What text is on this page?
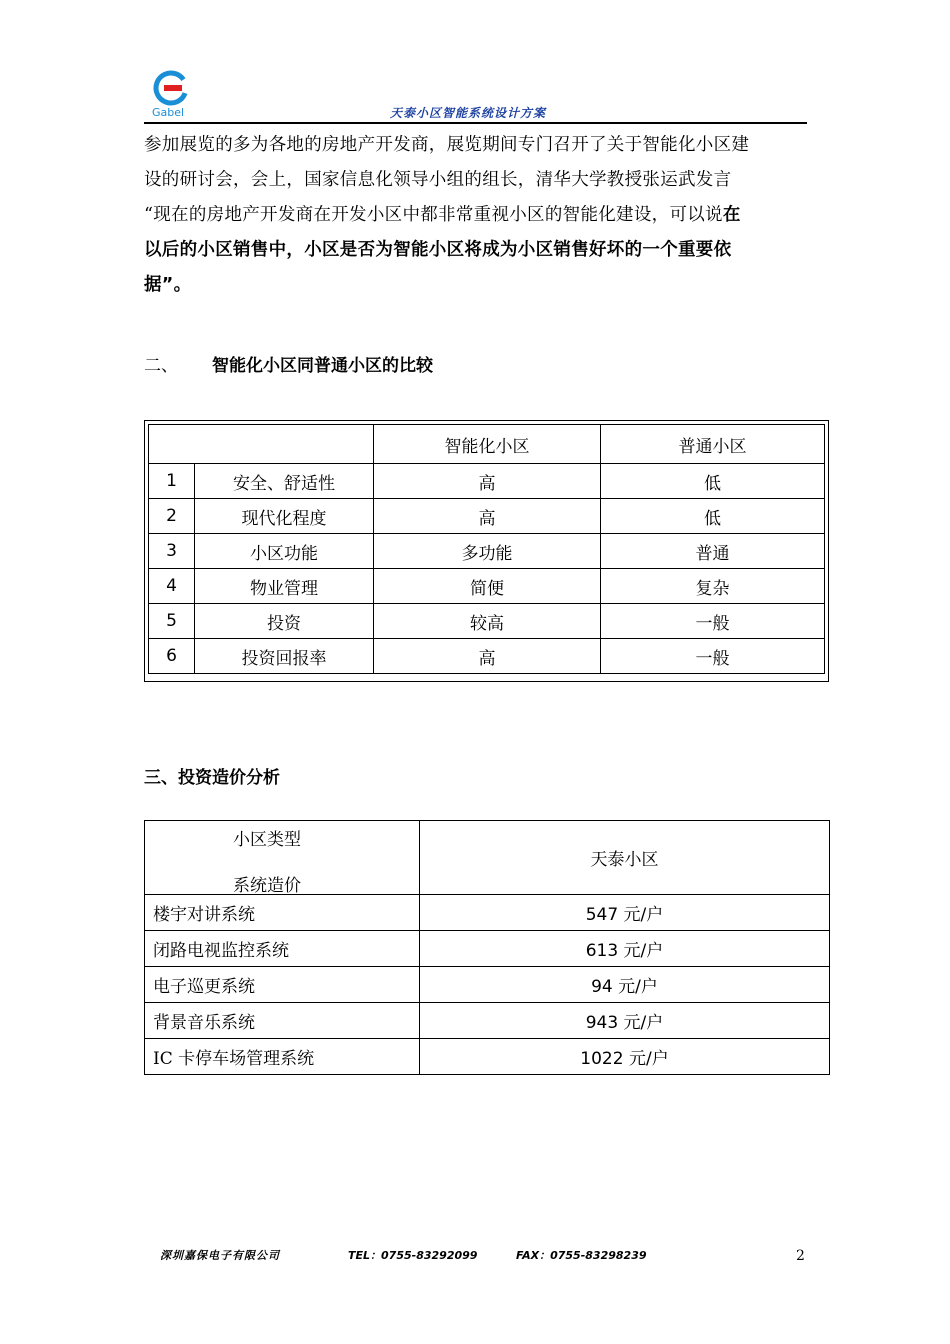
Gabel	天泰小区智能系统设计方案
参加展览的多为各地的房地产开发商，展览期间专门召开了关于智能化小区建
设的研讨会，会上，国家信息化领导小组的组长，清华大学教授张运武发言
“现在的房地产开发商在开发小区中都非常重视小区的智能化建设，可以说在
以后的小区销售中，小区是否为智能小区将成为小区销售好坏的一个重要依
据”。
二、 智能化小区同普通小区的比较
		智能化小区	普通小区
1	安全、舒适性	高	低
2	现代化程度	高	低
3	小区功能	多功能	普通
4	物业管理	简便	复杂
5	投资	较高	一般
6	投资回报率	高	一般
三、投资造价分析
小区类型
系统造价	天泰小区
楼宇对讲系统	547 元/户
闭路电视监控系统	613 元/户
电子巡更系统	94 元/户
背景音乐系统	943 元/户
IC 卡停车场管理系统	1022 元/户
深圳嘉保电子有限公司	TEL：0755-83292099	FAX：0755-83298239	2
